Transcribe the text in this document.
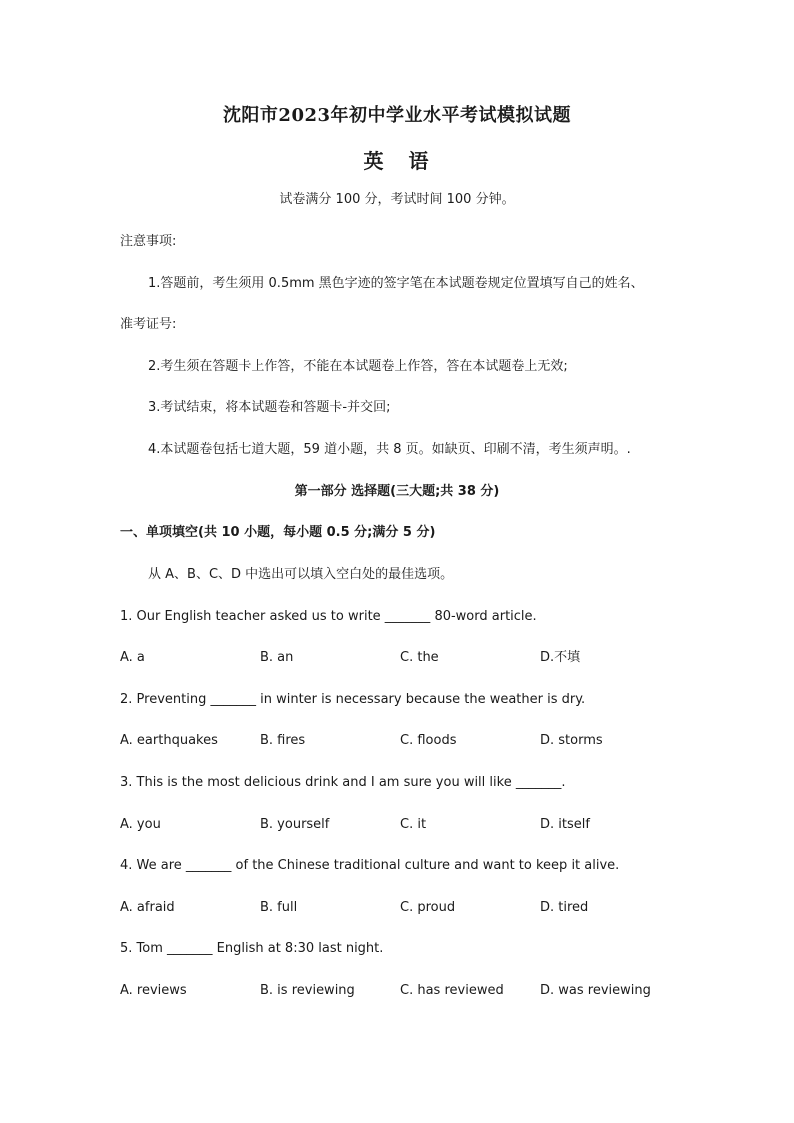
沈阳市2023年初中学业水平考试模拟试题
英 语
试卷满分 100 分，考试时间 100 分钟。
注意事项:
1.答题前，考生须用 0.5mm 黑色字迹的签字笔在本试题卷规定位置填写自己的姓名、
准考证号:
2.考生须在答题卡上作答，不能在本试题卷上作答，答在本试题卷上无效;
3.考试结束，将本试题卷和答题卡-并交回;
4.本试题卷包括七道大题，59 道小题，共 8 页。如缺页、印刷不清，考生须声明。.
第一部分 选择题(三大题;共 38 分)
一、单项填空(共 10 小题，每小题 0.5 分;满分 5 分)
从 A、B、C、D 中选出可以填入空白处的最佳选项。
1. Our English teacher asked us to write _______ 80-word article.
A. a	B. an	C. the	D.不填
2. Preventing _______ in winter is necessary because the weather is dry.
A. earthquakes	B. fires	C. floods	D. storms
3. This is the most delicious drink and I am sure you will like _______.
A. you	B. yourself	C. it	D. itself
4. We are _______ of the Chinese traditional culture and want to keep it alive.
A. afraid	B. full	C. proud	D. tired
5. Tom _______ English at 8:30 last night.
A. reviews	B. is reviewing	C. has reviewed	D. was reviewing
